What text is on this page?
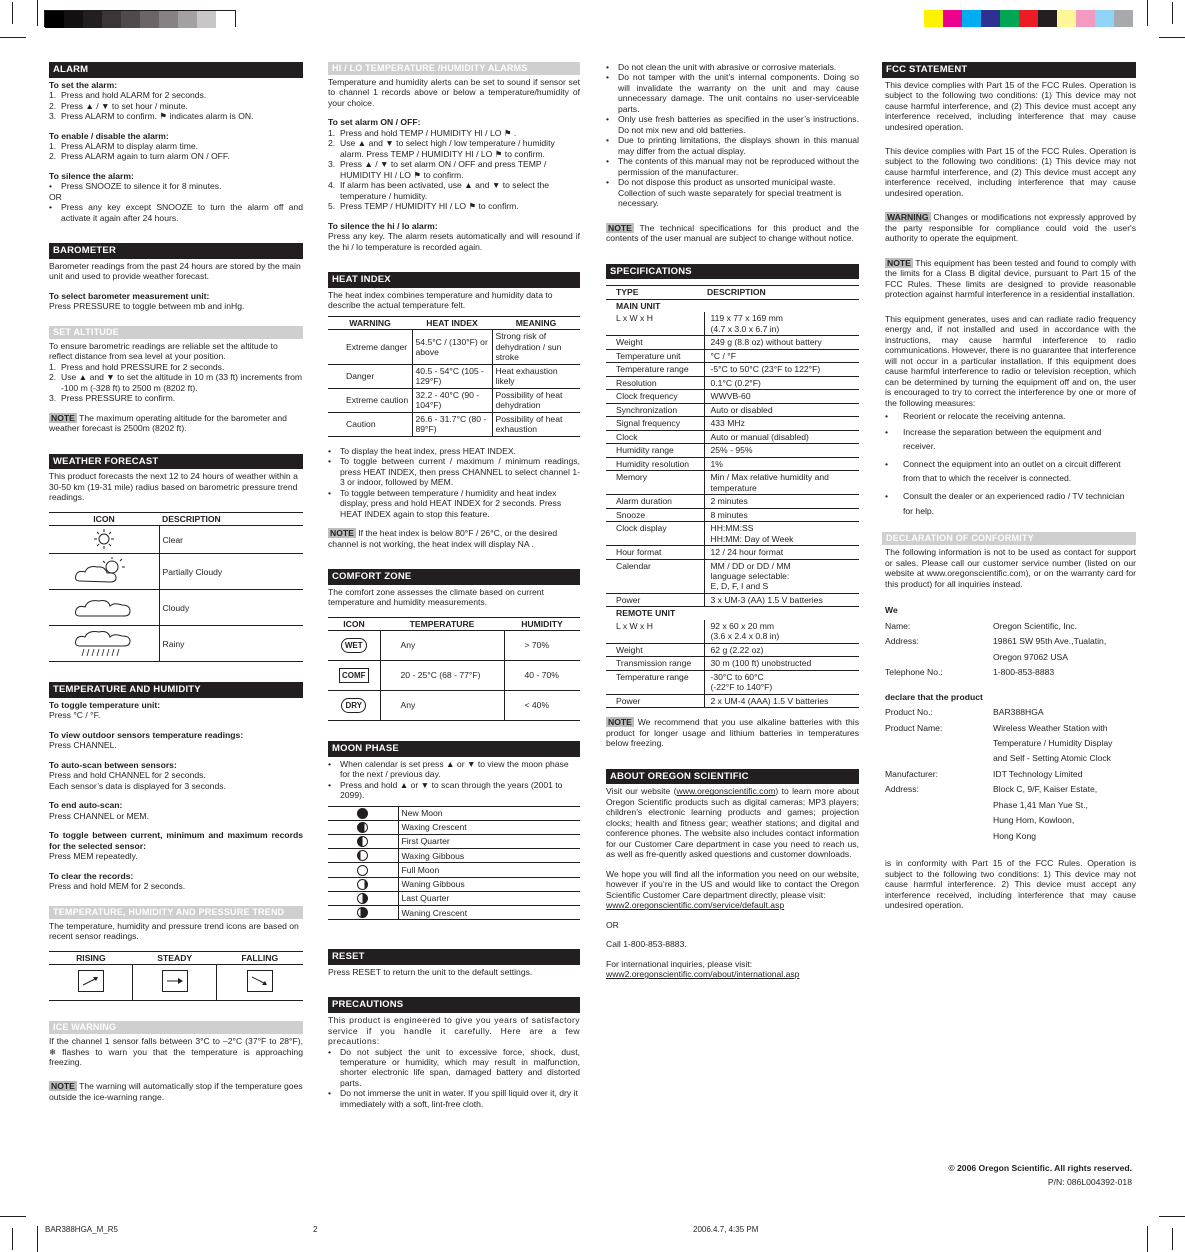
ALARM

To set the alarm:

1. Press and hold ALARM for 2 seconds.
2. Press ▲ / ▼ to set hour / minute.
3. Press ALARM to confirm. ⚑ indicates alarm is ON.

To enable / disable the alarm:

1. Press ALARM to display alarm time.
2. Press ALARM again to turn alarm ON / OFF.

To silence the alarm:

•	Press SNOOZE to silence it for 8 minutes.

OR

•	Press any key except SNOOZE to turn the alarm off and activate it again after 24 hours.
BAROMETER

Barometer readings from the past 24 hours are stored by the main unit and used to provide weather forecast.

To select barometer measurement unit:

Press PRESSURE to toggle between mb and inHg.

SET ALTITUDE

To ensure barometric readings are reliable set the altitude to reflect distance from sea level at your position.

1. Press and hold PRESSURE for 2 seconds.
2. Use ▲ and ▼ to set the altitude in 10 m (33 ft) increments from -100 m (-328 ft) to 2500 m (8202 ft).
3. Press PRESSURE to confirm.

NOTE The maximum operating altitude for the barometer and weather forecast is 2500m (8202 ft).

WEATHER FORECAST

This product forecasts the next 12 to 24 hours of weather within a 30-50 km (19-31 mile) radius based on barometric pressure trend readings.

ICON	DESCRIPTION
	Clear
	Partially Cloudy
	Cloudy
	Rainy
TEMPERATURE AND HUMIDITY

To toggle temperature unit:

Press °C / °F.

To view outdoor sensors temperature readings:

Press CHANNEL.

To auto-scan between sensors:

Press and hold CHANNEL for 2 seconds.

Each sensor’s data is displayed for 3 seconds.

To end auto-scan:

Press CHANNEL or MEM.

To toggle between current, minimum and maximum records for the selected sensor:

Press MEM repeatedly.

To clear the records:

Press and hold MEM for 2 seconds.

TEMPERATURE, HUMIDITY AND PRESSURE TREND

The temperature, humidity and pressure trend icons are based on recent sensor readings.

RISING	STEADY	FALLING

ICE WARNING

If the channel 1 sensor falls between 3°C to –2°C (37°F to 28°F), ❄ flashes to warn you that the temperature is approaching freezing.

NOTE The warning will automatically stop if the temperature goes outside the ice-warning range.

HI / LO TEMPERATURE /HUMIDITY ALARMS

Temperature and humidity alerts can be set to sound if sensor set to channel 1 records above or below a temperature/humidity of your choice.

To set alarm ON / OFF:

1. Press and hold TEMP / HUMIDITY HI / LO ⚑ .
2. Use ▲ and ▼ to select high / low temperature / humidity alarm. Press TEMP / HUMIDITY HI / LO ⚑ to confirm.
3. Press ▲ / ▼ to set alarm ON / OFF and press TEMP / HUMIDITY HI / LO ⚑ to confirm.
4. If alarm has been activated, use ▲ and ▼ to select the temperature / humidity.
5. Press TEMP / HUMIDITY HI / LO ⚑ to confirm.

To silence the hi / lo alarm:

Press any key. The alarm resets automatically and will resound if the hi / lo temperature is recorded again.

HEAT INDEX

The heat index combines temperature and humidity data to describe the actual temperature felt.

WARNING	HEAT INDEX	MEANING
Extreme danger	54.5°C / (130°F) or above	Strong risk of dehydration / sun stroke
Danger	40.5 - 54°C (105 - 129°F)	Heat exhaustion likely
Extreme caution	32.2 - 40°C (90 - 104°F)	Possibility of heat dehydration
Caution	26.6 - 31.7°C (80 - 89°F)	Possibility of heat exhaustion
•	To display the heat index, press HEAT INDEX.
•	To toggle between current / maximum / minimum readings, press HEAT INDEX, then press CHANNEL to select channel 1-3 or indoor, followed by MEM.
•	To toggle between temperature / humidity and heat index display, press and hold HEAT INDEX for 2 seconds. Press HEAT INDEX again to stop this feature.

NOTE If the heat index is below 80°F / 26°C, or the desired channel is not working, the heat index will display NA .

COMFORT ZONE

The comfort zone assesses the climate based on current temperature and humidity measurements.

ICON	TEMPERATURE	HUMIDITY
WET	Any	> 70%
COMF	20 - 25°C (68 - 77°F)	40 - 70%
DRY	Any	< 40%
MOON PHASE
•	When calendar is set press ▲ or ▼ to view the moon phase for the next / previous day.
•	Press and hold ▲ or ▼ to scan through the years (2001 to 2099).
	New Moon
	Waxing Crescent
	First Quarter
	Waxing Gibbous
	Full Moon
	Waning Gibbous
	Last Quarter
	Waning Crescent
RESET

Press RESET to return the unit to the default settings.

PRECAUTIONS

This product is engineered to give you years of satisfactory service if you handle it carefully. Here are a few precautions:

•	Do not subject the unit to excessive force, shock, dust, temperature or humidity, which may result in malfunction, shorter electronic life span, damaged battery and distorted parts.
•	Do not immerse the unit in water. If you spill liquid over it, dry it immediately with a soft, lint-free cloth.
•	Do not clean the unit with abrasive or corrosive materials.
•	Do not tamper with the unit’s internal components. Doing so will invalidate the warranty on the unit and may cause unnecessary damage. The unit contains no user-serviceable parts.
•	Only use fresh batteries as specified in the user’s instructions. Do not mix new and old batteries.
•	Due to printing limitations, the displays shown in this manual may differ from the actual display.
•	The contents of this manual may not be reproduced without the permission of the manufacturer.
•	Do not dispose this product as unsorted municipal waste. Collection of such waste separately for special treatment is necessary.

NOTE The technical specifications for this product and the contents of the user manual are subject to change without notice.

SPECIFICATIONS
TYPE	DESCRIPTION
MAIN UNIT	
L x W x H	119 x 77 x 169 mm
(4.7 x 3.0 x 6.7 in)
Weight	249 g (8.8 oz) without battery
Temperature unit	°C / °F
Temperature range	-5°C to 50°C (23°F to 122°F)
Resolution	0.1°C (0.2°F)
Clock frequency	WWVB-60
Synchronization	Auto or disabled
Signal frequency	433 MHz
Clock	Auto or manual (disabled)
Humidity range	25% - 95%
Humidity resolution	1%
Memory	Min / Max relative humidity and
temperature
Alarm duration	2 minutes
Snooze	8 minutes
Clock display	HH:MM:SS
HH:MM: Day of Week
Hour format	12 / 24 hour format
Calendar	MM / DD or DD / MM
language selectable:
E, D, F, I and S
Power	3 x UM-3 (AA) 1.5 V batteries
REMOTE UNIT	
L x W x H	92 x 60 x 20 mm
(3.6 x 2.4 x 0.8 in)
Weight	62 g (2.22 oz)
Transmission range	30 m (100 ft) unobstructed
Temperature range	-30°C to 60°C
(-22°F to 140°F)
Power	2 x UM-4 (AAA) 1.5 V batteries

NOTE We recommend that you use alkaline batteries with this product for longer usage and lithium batteries in temperatures below freezing.

ABOUT OREGON SCIENTIFIC

Visit our website (www.oregonscientific.com) to learn more about Oregon Scientific products such as digital cameras; MP3 players; children’s electronic learning products and games; projection clocks; health and fitness gear; weather stations; and digital and conference phones. The website also includes contact information for our Customer Care department in case you need to reach us, as well as fre-quently asked questions and customer downloads.

We hope you will find all the information you need on our website, however if you’re in the US and would like to contact the Oregon Scientific Customer Care department directly, please visit:

www2.oregonscientific.com/service/default.asp

OR

Call 1-800-853-8883.

For international inquiries, please visit:

www2.oregonscientific.com/about/international.asp

FCC STATEMENT

This device complies with Part 15 of the FCC Rules. Operation is subject to the following two conditions: (1) This device may not cause harmful interference, and (2) This device must accept any interference received, including interference that may cause undesired operation.

This device complies with Part 15 of the FCC Rules. Operation is subject to the following two conditions: (1) This device may not cause harmful interference, and (2) This device must accept any interference received, including interference that may cause undesired operation.

WARNING Changes or modifications not expressly approved by the party responsible for compliance could void the user's authority to operate the equipment.

NOTE This equipment has been tested and found to comply with the limits for a Class B digital device, pursuant to Part 15 of the FCC Rules. These limits are designed to provide reasonable protection against harmful interference in a residential installation.

This equipment generates, uses and can radiate radio frequency energy and, if not installed and used in accordance with the instructions, may cause harmful interference to radio communications. However, there is no guarantee that interference will not occur in a particular installation. If this equipment does cause harmful interference to radio or television reception, which can be determined by turning the equipment off and on, the user is encouraged to try to correct the interference by one or more of the following measures:

•	Reorient or relocate the receiving antenna.
•	Increase the separation between the equipment and receiver.
•	Connect the equipment into an outlet on a circuit different from that to which the receiver is connected.
•	Consult the dealer or an experienced radio / TV technician for help.
DECLARATION OF CONFORMITY

The following information is not to be used as contact for support or sales. Please call our customer service number (listed on our website at www.oregonscientific.com), or on the warranty card for this product) for all inquiries instead.

We

Name:	Oregon Scientific, Inc.
Address:	19861 SW 95th Ave.,Tualatin,
Oregon 97062 USA
Telephone No.:	1-800-853-8883

declare that the product

Product No.:	BAR388HGA
Product Name:	Wireless Weather Station with
Temperature / Humidity Display
and Self - Setting Atomic Clock
Manufacturer:	IDT Technology Limited
Address:	Block C, 9/F, Kaiser Estate,
Phase 1,41 Man Yue St.,
Hung Hom, Kowloon,
Hong Kong

is in conformity with Part 15 of the FCC Rules. Operation is subject to the following two conditions: 1) This device may not cause harmful interference. 2) This device must accept any interference received, including interference that may cause undesired operation.

© 2006 Oregon Scientific. All rights reserved.

P/N: 086L004392-018

BAR388HGA_M_R5	2	2006.4.7, 4:35 PM
